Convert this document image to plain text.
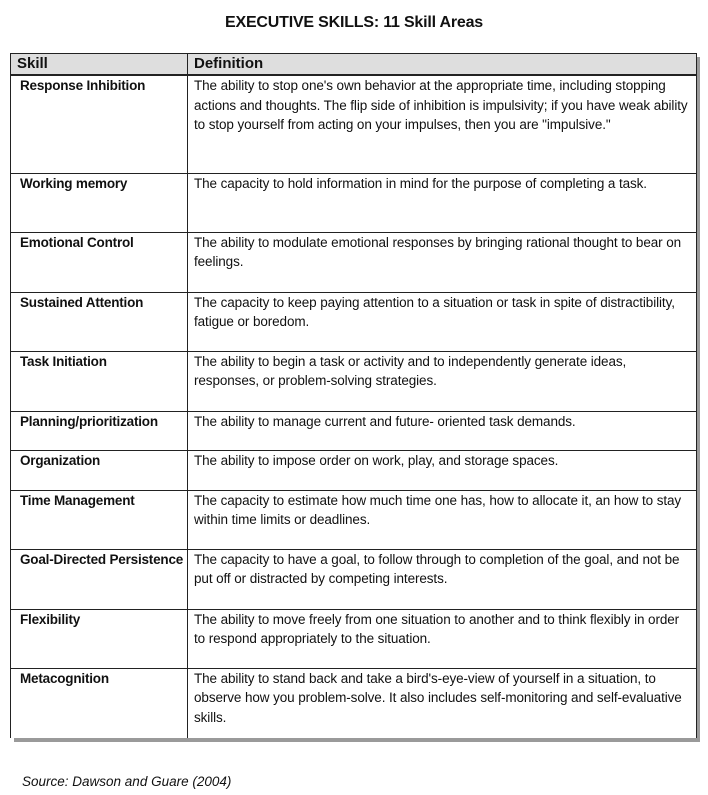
EXECUTIVE SKILLS: 11 Skill Areas
Skill	Definition
Response Inhibition	The ability to stop one's own behavior at the appropriate time, including stopping actions and thoughts. The flip side of inhibition is impulsivity; if you have weak ability to stop yourself from acting on your impulses, then you are "impulsive."
Working memory	The capacity to hold information in mind for the purpose of completing a task.
Emotional Control	The ability to modulate emotional responses by bringing rational thought to bear on feelings.
Sustained Attention	The capacity to keep paying attention to a situation or task in spite of distractibility, fatigue or boredom.
Task Initiation	The ability to begin a task or activity and to independently generate ideas, responses, or problem-solving strategies.
Planning/prioritization	The ability to manage current and future- oriented task demands.
Organization	The ability to impose order on work, play, and storage spaces.
Time Management	The capacity to estimate how much time one has, how to allocate it, an how to stay within time limits or deadlines.
Goal-Directed Persistence	The capacity to have a goal, to follow through to completion of the goal, and not be put off or distracted by competing interests.
Flexibility	The ability to move freely from one situation to another and to think flexibly in order to respond appropriately to the situation.
Metacognition	The ability to stand back and take a bird's-eye-view of yourself in a situation, to observe how you problem-solve. It also includes self-monitoring and self-evaluative skills.
Source: Dawson and Guare (2004)
